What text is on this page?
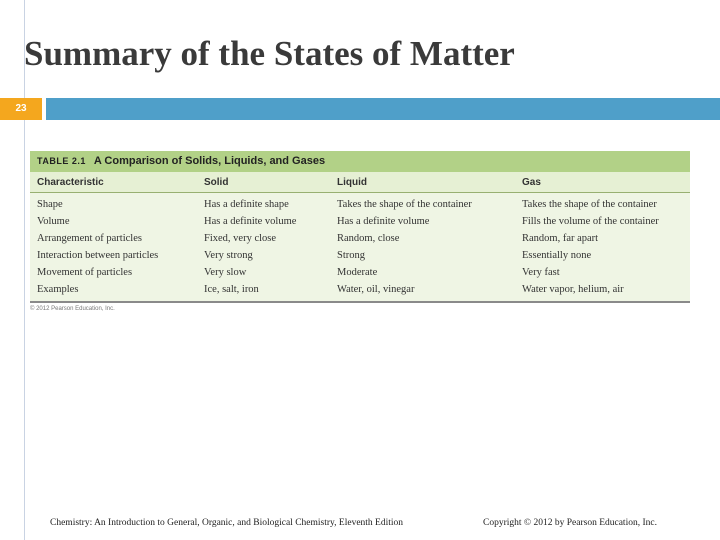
Summary of the States of Matter
23
TABLE 2.1 A Comparison of Solids, Liquids, and Gases
Characteristic	Solid	Liquid	Gas
Shape	Has a definite shape	Takes the shape of the container	Takes the shape of the container
Volume	Has a definite volume	Has a definite volume	Fills the volume of the container
Arrangement of particles	Fixed, very close	Random, close	Random, far apart
Interaction between particles	Very strong	Strong	Essentially none
Movement of particles	Very slow	Moderate	Very fast
Examples	Ice, salt, iron	Water, oil, vinegar	Water vapor, helium, air
© 2012 Pearson Education, Inc.
Chemistry: An Introduction to General, Organic, and Biological Chemistry, Eleventh Edition	Copyright © 2012 by Pearson Education, Inc.
